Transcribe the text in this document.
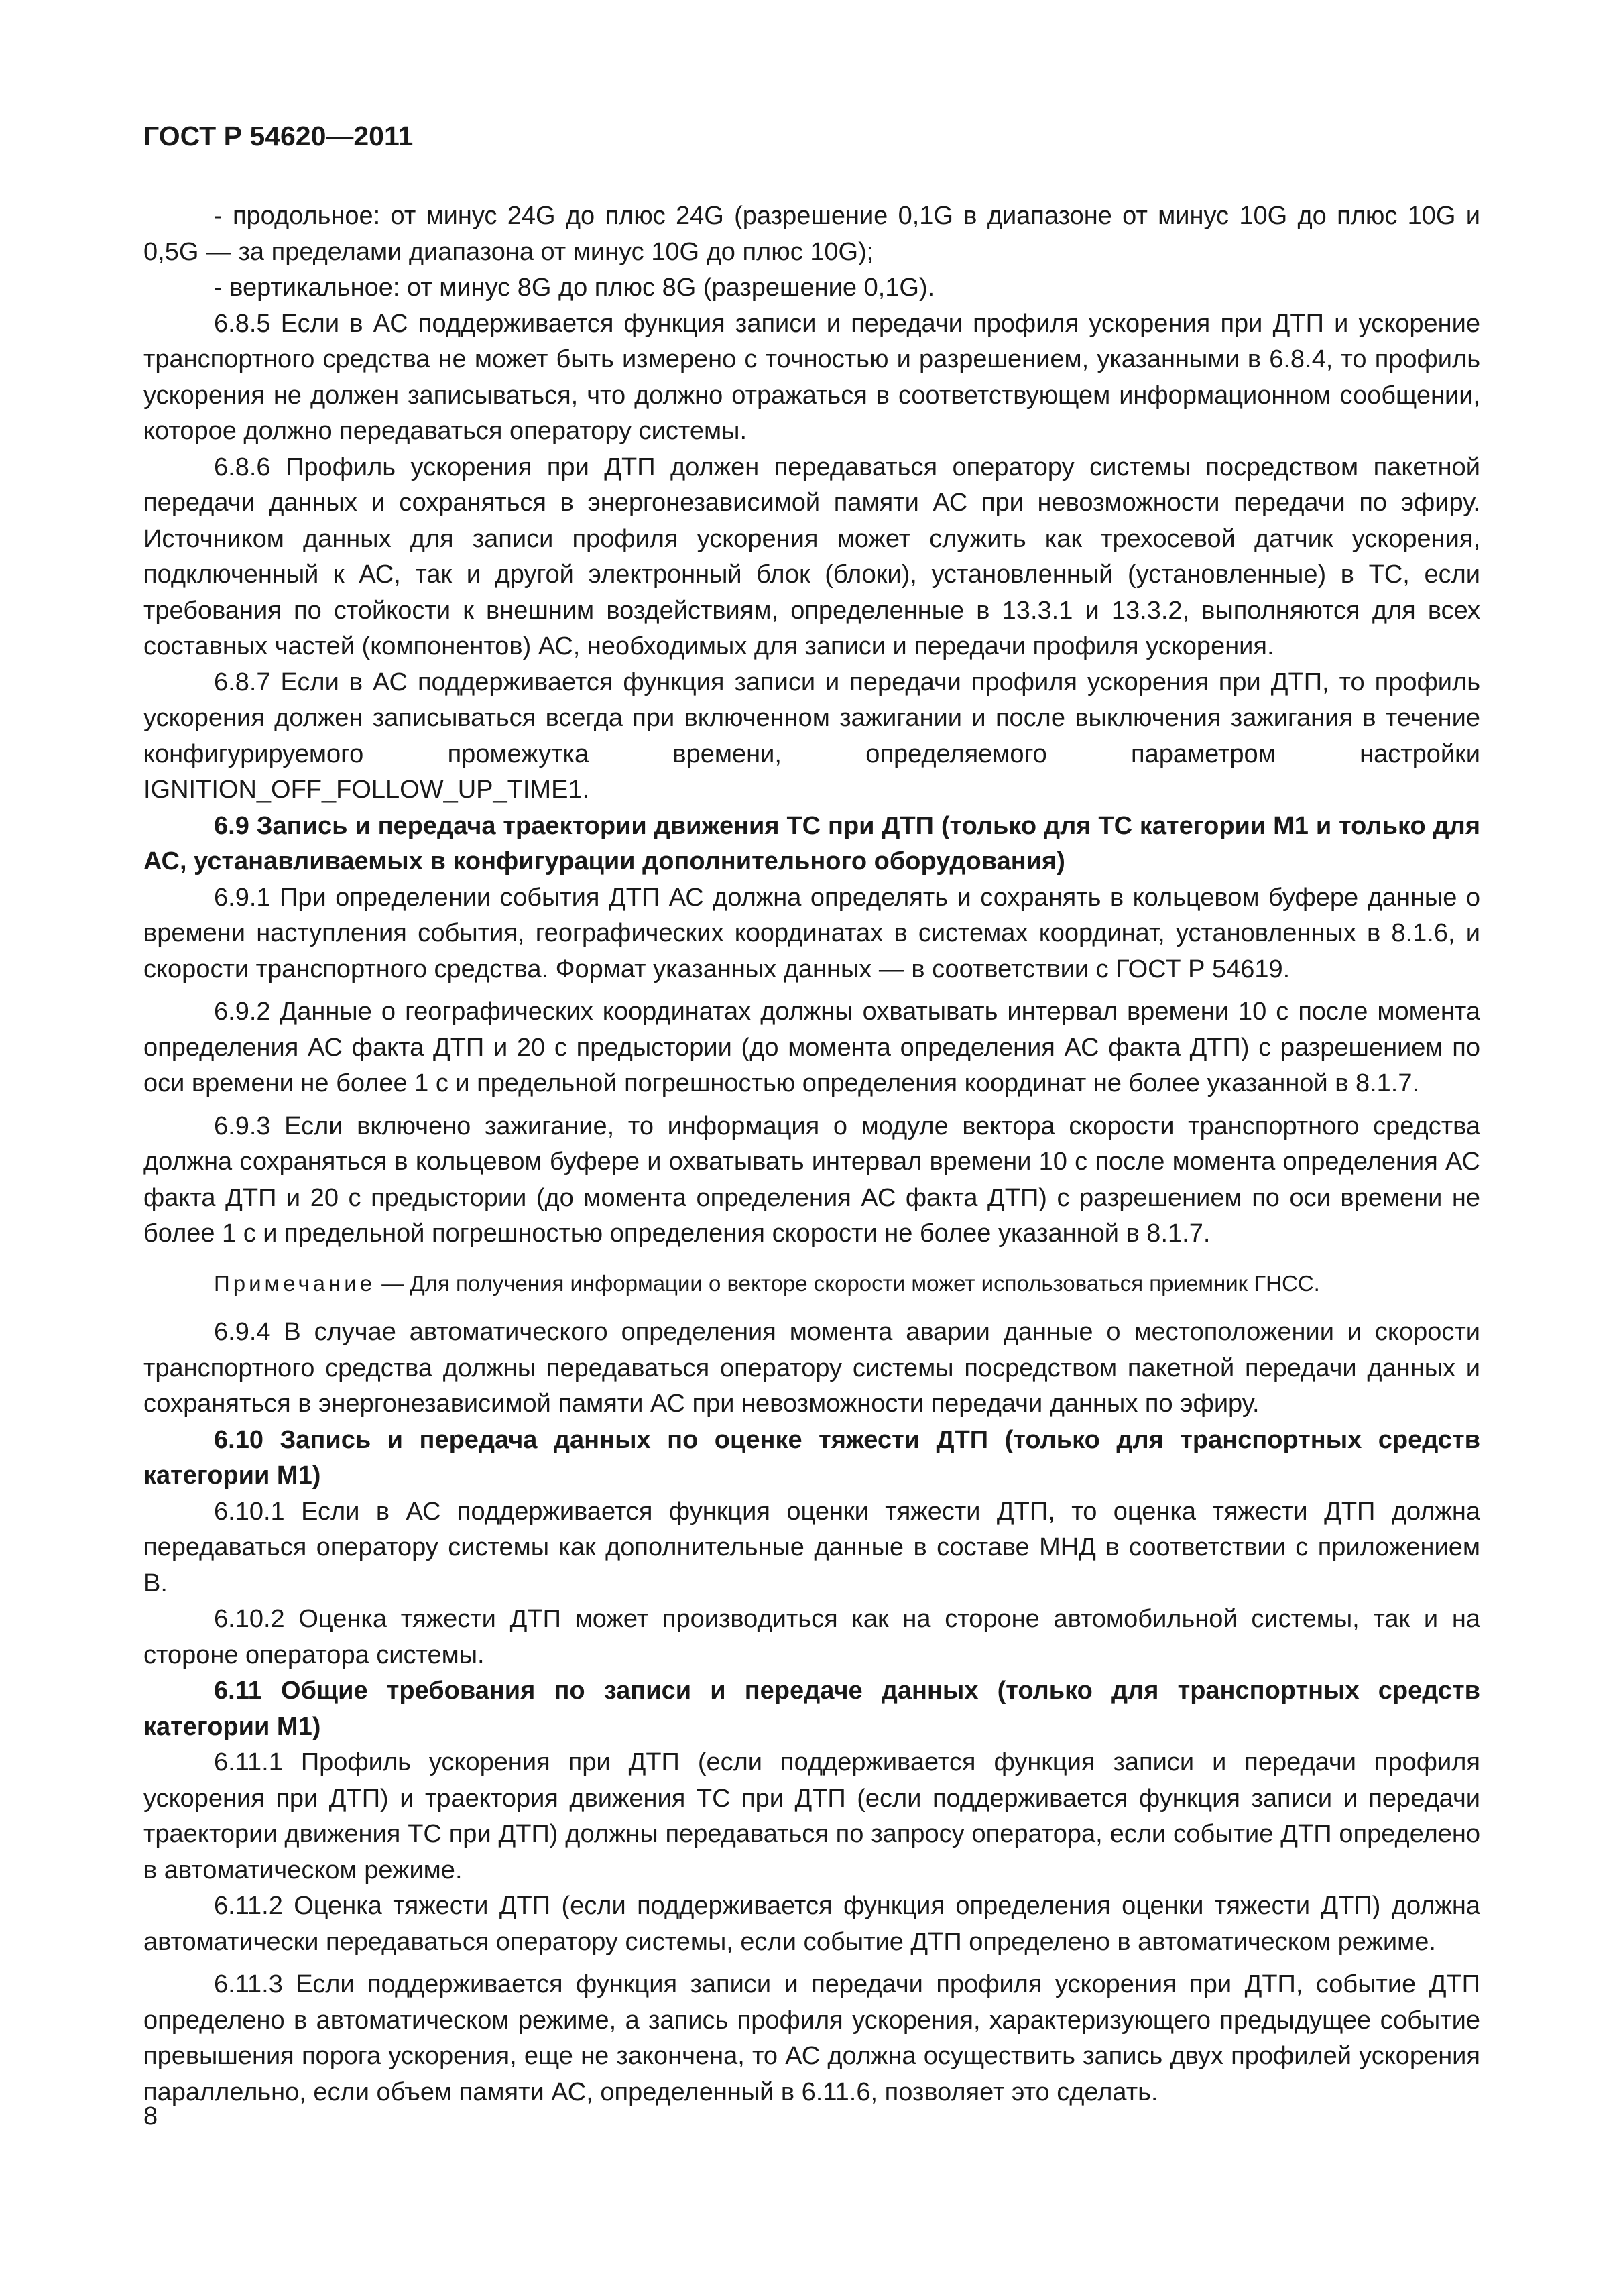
ГОСТ Р 54620—2011

- продольное: от минус 24G до плюс 24G (разрешение 0,1G в диапазоне от минус 10G до плюс 10G и 0,5G — за пределами диапазона от минус 10G до плюс 10G);

- вертикальное: от минус 8G до плюс 8G (разрешение 0,1G).

6.8.5 Если в АС поддерживается функция записи и передачи профиля ускорения при ДТП и ускорение транспортного средства не может быть измерено с точностью и разрешением, указанными в 6.8.4, то профиль ускорения не должен записываться, что должно отражаться в соответствующем информационном сообщении, которое должно передаваться оператору системы.

6.8.6 Профиль ускорения при ДТП должен передаваться оператору системы посредством пакетной передачи данных и сохраняться в энергонезависимой памяти АС при невозможности передачи по эфиру. Источником данных для записи профиля ускорения может служить как трехосевой датчик ускорения, подключенный к АС, так и другой электронный блок (блоки), установленный (установленные) в ТС, если требования по стойкости к внешним воздействиям, определенные в 13.3.1 и 13.3.2, выполняются для всех составных частей (компонентов) АС, необходимых для записи и передачи профиля ускорения.

6.8.7 Если в АС поддерживается функция записи и передачи профиля ускорения при ДТП, то профиль ускорения должен записываться всегда при включенном зажигании и после выключения зажигания в течение конфигурируемого промежутка времени, определяемого параметром настройки IGNITION_OFF_FOLLOW_UP_TIME1.

6.9 Запись и передача траектории движения ТС при ДТП (только для ТС категории М1 и только для АС, устанавливаемых в конфигурации дополнительного оборудования)

6.9.1 При определении события ДТП АС должна определять и сохранять в кольцевом буфере данные о времени наступления события, географических координатах в системах координат, установленных в 8.1.6, и скорости транспортного средства. Формат указанных данных — в соответствии с ГОСТ Р 54619.

6.9.2 Данные о географических координатах должны охватывать интервал времени 10 с после момента определения АС факта ДТП и 20 с предыстории (до момента определения АС факта ДТП) с разрешением по оси времени не более 1 с и предельной погрешностью определения координат не более указанной в 8.1.7.

6.9.3 Если включено зажигание, то информация о модуле вектора скорости транспортного средства должна сохраняться в кольцевом буфере и охватывать интервал времени 10 с после момента определения АС факта ДТП и 20 с предыстории (до момента определения АС факта ДТП) с разрешением по оси времени не более 1 с и предельной погрешностью определения скорости не более указанной в 8.1.7.

Примечание — Для получения информации о векторе скорости может использоваться приемник ГНСС.

6.9.4 В случае автоматического определения момента аварии данные о местоположении и скорости транспортного средства должны передаваться оператору системы посредством пакетной передачи данных и сохраняться в энергонезависимой памяти АС при невозможности передачи данных по эфиру.

6.10 Запись и передача данных по оценке тяжести ДТП (только для транспортных средств категории М1)

6.10.1 Если в АС поддерживается функция оценки тяжести ДТП, то оценка тяжести ДТП должна передаваться оператору системы как дополнительные данные в составе МНД в соответствии с приложением В.

6.10.2 Оценка тяжести ДТП может производиться как на стороне автомобильной системы, так и на стороне оператора системы.

6.11 Общие требования по записи и передаче данных (только для транспортных средств категории М1)

6.11.1 Профиль ускорения при ДТП (если поддерживается функция записи и передачи профиля ускорения при ДТП) и траектория движения ТС при ДТП (если поддерживается функция записи и передачи траектории движения ТС при ДТП) должны передаваться по запросу оператора, если событие ДТП определено в автоматическом режиме.

6.11.2 Оценка тяжести ДТП (если поддерживается функция определения оценки тяжести ДТП) должна автоматически передаваться оператору системы, если событие ДТП определено в автоматическом режиме.

6.11.3 Если поддерживается функция записи и передачи профиля ускорения при ДТП, событие ДТП определено в автоматическом режиме, а запись профиля ускорения, характеризующего предыдущее событие превышения порога ускорения, еще не закончена, то АС должна осуществить запись двух профилей ускорения параллельно, если объем памяти АС, определенный в 6.11.6, позволяет это сделать.

8
